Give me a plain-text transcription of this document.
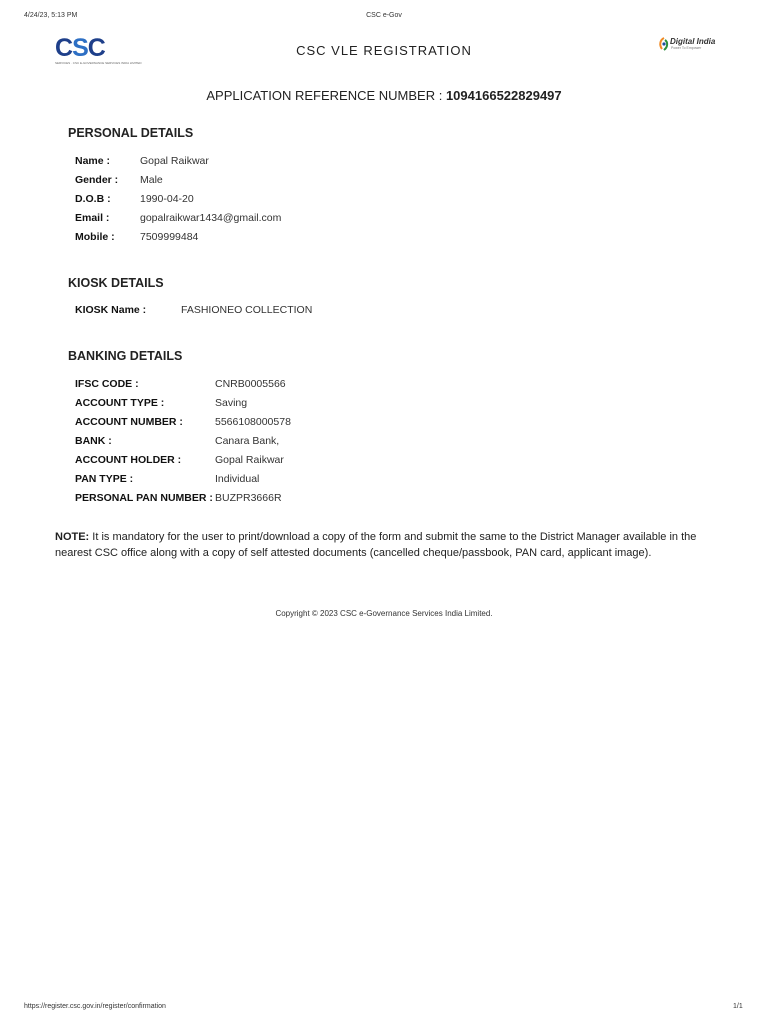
4/24/23, 5:13 PM	CSC e-Gov
CSC
SERVICES · CSC E-GOVERNANCE SERVICES INDIA LIMITED
CSC VLE REGISTRATION
Digital India
Power To Empower
APPLICATION REFERENCE NUMBER : 1094166522829497
PERSONAL DETAILS
Name :	Gopal Raikwar
Gender : Male
D.O.B :	1990-04-20
Email :	gopalraikwar1434@gmail.com
Mobile : 7509999484
KIOSK DETAILS
KIOSK Name :	FASHIONEO COLLECTION
BANKING DETAILS
IFSC CODE :	CNRB0005566
ACCOUNT TYPE :	Saving
ACCOUNT NUMBER :	5566108000578
BANK :	Canara Bank,
ACCOUNT HOLDER :	Gopal Raikwar
PAN TYPE :	Individual
PERSONAL PAN NUMBER : BUZPR3666R
NOTE: It is mandatory for the user to print/download a copy of the form and submit the same to the District Manager available in the nearest CSC office along with a copy of self attested documents (cancelled cheque/passbook, PAN card, applicant image).
Copyright © 2023 CSC e-Governance Services India Limited.
https://register.csc.gov.in/register/confirmation	1/1
